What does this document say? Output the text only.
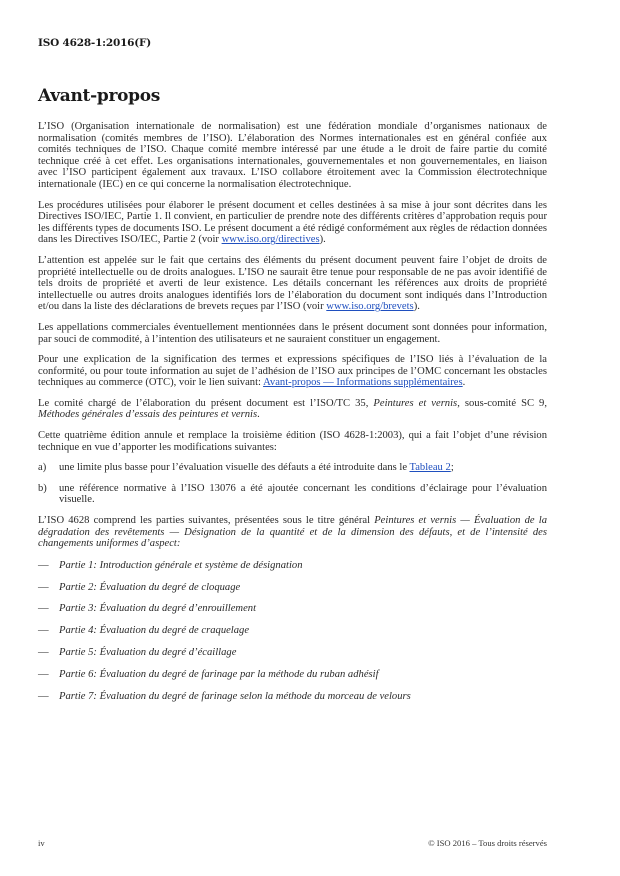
ISO 4628-1:2016(F)
Avant-propos

L’ISO (Organisation internationale de normalisation) est une fédération mondiale d’organismes nationaux de normalisation (comités membres de l’ISO). L’élaboration des Normes internationales est en général confiée aux comités techniques de l’ISO. Chaque comité membre intéressé par une étude a le droit de faire partie du comité technique créé à cet effet. Les organisations internationales, gouvernementales et non gouvernementales, en liaison avec l’ISO participent également aux travaux. L’ISO collabore étroitement avec la Commission électrotechnique internationale (IEC) en ce qui concerne la normalisation électrotechnique.

Les procédures utilisées pour élaborer le présent document et celles destinées à sa mise à jour sont décrites dans les Directives ISO/IEC, Partie 1. Il convient, en particulier de prendre note des différents critères d’approbation requis pour les différents types de documents ISO. Le présent document a été rédigé conformément aux règles de rédaction données dans les Directives ISO/IEC, Partie 2 (voir www.iso.org/directives).

L’attention est appelée sur le fait que certains des éléments du présent document peuvent faire l’objet de droits de propriété intellectuelle ou de droits analogues. L’ISO ne saurait être tenue pour responsable de ne pas avoir identifié de tels droits de propriété et averti de leur existence. Les détails concernant les références aux droits de propriété intellectuelle ou autres droits analogues identifiés lors de l’élaboration du document sont indiqués dans l’Introduction et/ou dans la liste des déclarations de brevets reçues par l’ISO (voir www.iso.org/brevets).

Les appellations commerciales éventuellement mentionnées dans le présent document sont données pour information, par souci de commodité, à l’intention des utilisateurs et ne sauraient constituer un engagement.

Pour une explication de la signification des termes et expressions spécifiques de l’ISO liés à l’évaluation de la conformité, ou pour toute information au sujet de l’adhésion de l’ISO aux principes de l’OMC concernant les obstacles techniques au commerce (OTC), voir le lien suivant: Avant-propos — Informations supplémentaires.

Le comité chargé de l’élaboration du présent document est l’ISO/TC 35, Peintures et vernis, sous-comité SC 9, Méthodes générales d’essais des peintures et vernis.

Cette quatrième édition annule et remplace la troisième édition (ISO 4628-1:2003), qui a fait l’objet d’une révision technique en vue d’apporter les modifications suivantes:

a)	une limite plus basse pour l’évaluation visuelle des défauts a été introduite dans le Tableau 2;
b)	une référence normative à l’ISO 13076 a été ajoutée concernant les conditions d’éclairage pour l’évaluation visuelle.

L’ISO 4628 comprend les parties suivantes, présentées sous le titre général Peintures et vernis — Évaluation de la dégradation des revêtements — Désignation de la quantité et de la dimension des défauts, et de l’intensité des changements uniformes d’aspect:

— Partie 1: Introduction générale et système de désignation
— Partie 2: Évaluation du degré de cloquage
— Partie 3: Évaluation du degré d’enrouillement
— Partie 4: Évaluation du degré de craquelage
— Partie 5: Évaluation du degré d’écaillage
— Partie 6: Évaluation du degré de farinage par la méthode du ruban adhésif
— Partie 7: Évaluation du degré de farinage selon la méthode du morceau de velours
iv	© ISO 2016 – Tous droits réservés
